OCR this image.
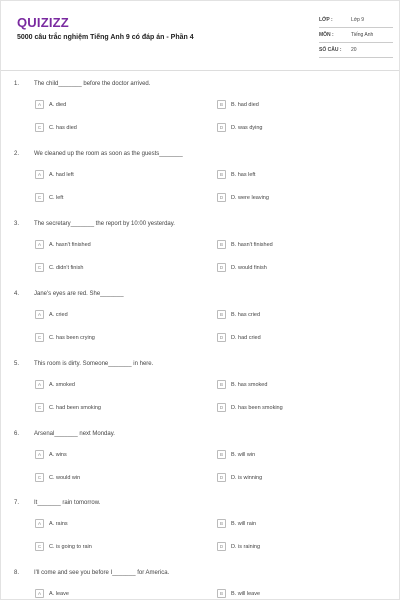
QUIZIZZ
5000 câu trắc nghiệm Tiếng Anh 9 có đáp án - Phần 4
LỚP :	Lớp 9
MÔN :	Tiếng Anh
SỐ CÂU :	20
1. The child_______ before the doctor arrived.
A	A. died	B	B. had died
C	C. has died	D	D. was dying
2. We cleaned up the room as soon as the guests_______
A	A. had left	B	B. has left
C	C. left	D	D. were leaving
3. The secretary_______ the report by 10:00 yesterday.
A	A. hasn't finished	B	B. hasn't finished
C	C. didn't finish	D	D. would finish
4. Jane's eyes are red. She_______
A	A. cried	B	B. has cried
C	C. has been crying	D	D. had cried
5. This room is dirty. Someone_______ in here.
A	A. smoked	B	B. has smoked
C	C. had been smoking	D	D. has been smoking
6. Arsenal_______ next Monday.
A	A. wins	B	B. will win
C	C. would win	D	D. is winning
7. It_______ rain tomorrow.
A	A. rains	B	B. will rain
C	C. is going to rain	D	D. is raining
8. I'll come and see you before I_______ for America.
A	A. leave	B	B. will leave
